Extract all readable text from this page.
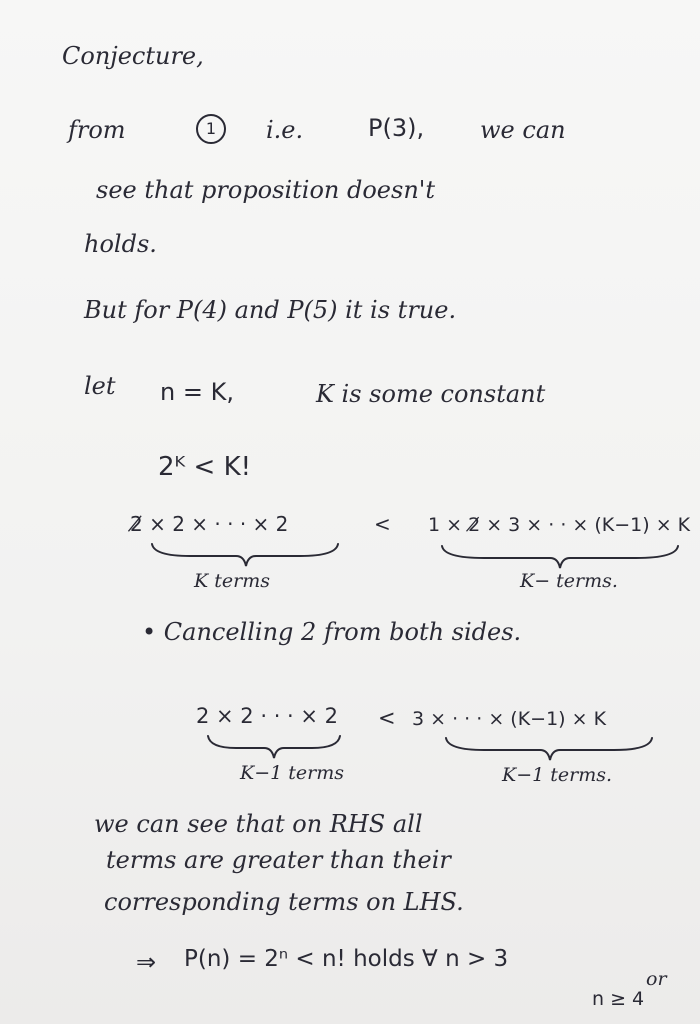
Conjecture,
from	1	i.e.	P(3), we can
see that proposition doesn't
holds.
But for P(4) and P(5) it is true.
let n = K,	K is some constant
2ᴷ < K!
2̸ × 2 × · · · × 2	< 1 × 2̸ × 3 × · · × (K−1) × K
K terms	K− terms.
• Cancelling 2 from both sides.
2 × 2 · · · × 2 < 3 × · · · × (K−1) × K
K−1 terms	K−1 terms.
we can see that on RHS all
terms are greater than their
corresponding terms on LHS.
⇒ P(n) = 2ⁿ < n! holds ∀ n > 3
or
n ≥ 4
